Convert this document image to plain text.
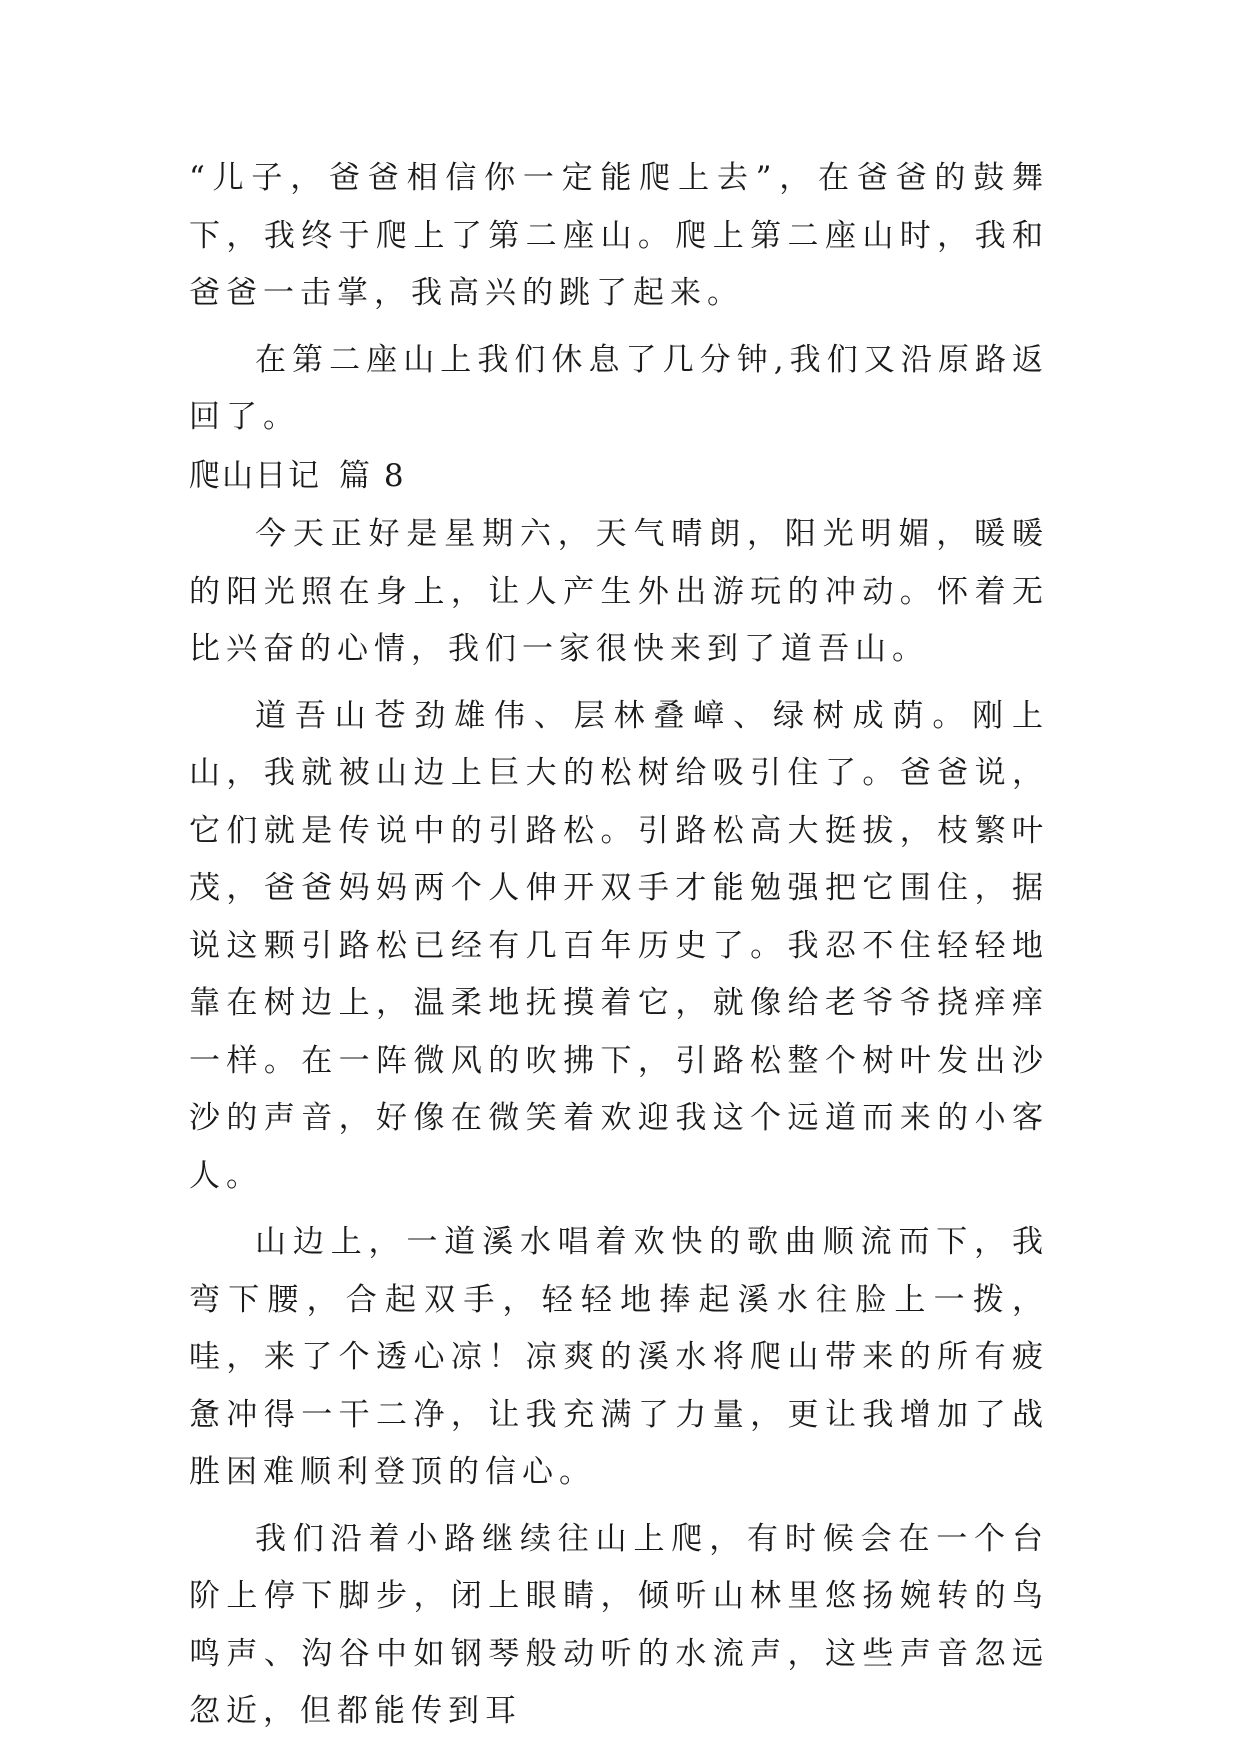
“儿子，爸爸相信你一定能爬上去”，在爸爸的鼓舞下，我终于爬上了第二座山。爬上第二座山时，我和爸爸一击掌，我高兴的跳了起来。

在第二座山上我们休息了几分钟,我们又沿原路返回了。

爬山日记 篇 8

今天正好是星期六，天气晴朗，阳光明媚，暖暖的阳光照在身上，让人产生外出游玩的冲动。怀着无比兴奋的心情，我们一家很快来到了道吾山。

道吾山苍劲雄伟、层林叠嶂、绿树成荫。刚上山，我就被山边上巨大的松树给吸引住了。爸爸说，它们就是传说中的引路松。引路松高大挺拔，枝繁叶茂，爸爸妈妈两个人伸开双手才能勉强把它围住，据说这颗引路松已经有几百年历史了。我忍不住轻轻地靠在树边上，温柔地抚摸着它，就像给老爷爷挠痒痒一样。在一阵微风的吹拂下，引路松整个树叶发出沙沙的声音，好像在微笑着欢迎我这个远道而来的小客人。

山边上，一道溪水唱着欢快的歌曲顺流而下，我弯下腰，合起双手，轻轻地捧起溪水往脸上一拨，哇，来了个透心凉！凉爽的溪水将爬山带来的所有疲惫冲得一干二净，让我充满了力量，更让我增加了战胜困难顺利登顶的信心。

我们沿着小路继续往山上爬，有时候会在一个台阶上停下脚步，闭上眼睛，倾听山林里悠扬婉转的鸟鸣声、沟谷中如钢琴般动听的水流声，这些声音忽远忽近，但都能传到耳
